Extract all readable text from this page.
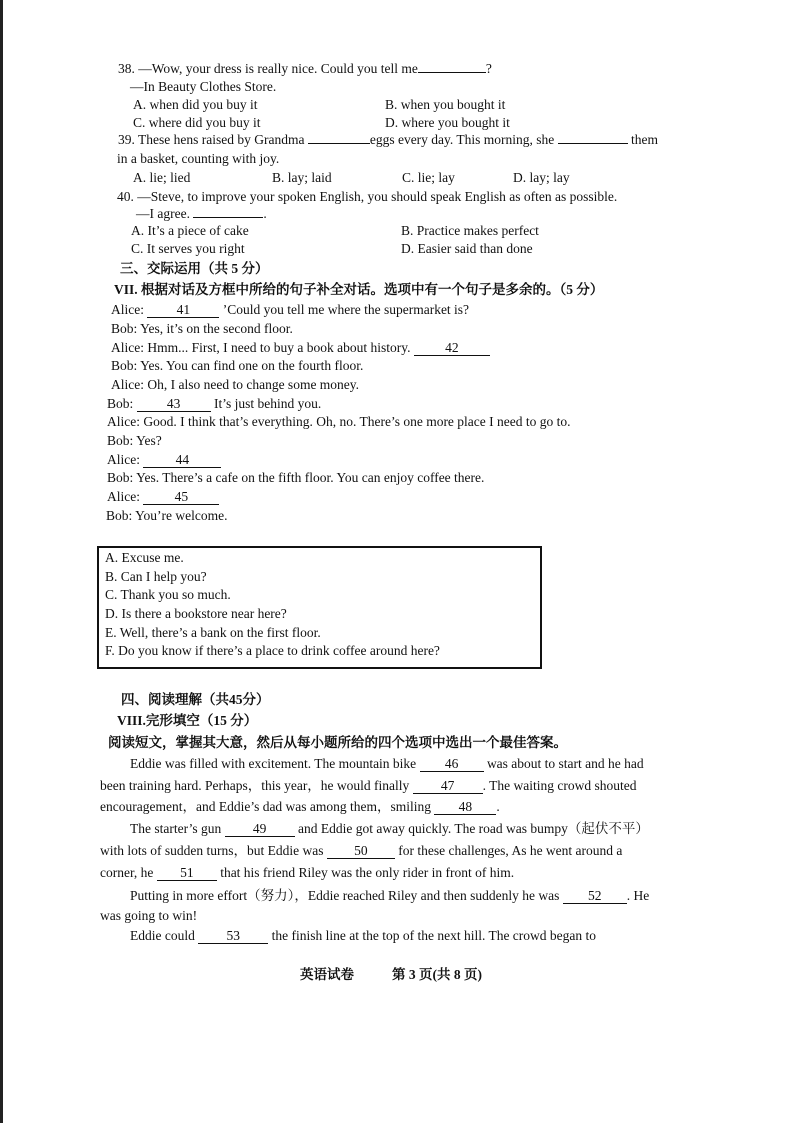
38. —Wow, your dress is really nice. Could you tell me	?
—In Beauty Clothes Store.
A. when did you buy it	B. when you bought it
C. where did you buy it	D. where you bought it
39. These hens raised by Grandma	eggs every day. This morning, she	them
in a basket, counting with joy.
A. lie; lied	B. lay; laid	C. lie; lay	D. lay; lay
40. —Steve, to improve your spoken English, you should speak English as often as possible.
—I agree.	.
A. It’s a piece of cake	B. Practice makes perfect
C. It serves you right	D. Easier said than done
三、交际运用（共 5 分）
VII. 根据对话及方框中所给的句子补全对话。选项中有一个句子是多余的。（5 分）
Alice: 41 ’Could you tell me where the supermarket is?
Bob: Yes, it’s on the second floor.
Alice: Hmm... First, I need to buy a book about history.	42
Bob: Yes. You can find one on the fourth floor.
Alice: Oh, I also need to change some money.
Bob: 43 It’s just behind you.
Alice: Good. I think that’s everything. Oh, no. There’s one more place I need to go to.
Bob: Yes?
Alice:	44
Bob: Yes. There’s a cafe on the fifth floor. You can enjoy coffee there.
Alice:	45
Bob: You’re welcome.
A. Excuse me.
B. Can I help you?
C. Thank you so much.
D. Is there a bookstore near here?
E. Well, there’s a bank on the first floor.
F. Do you know if there’s a place to drink coffee around here?
四、阅读理解（共45分）
VIII.完形填空（15 分）
阅读短文，掌握其大意，然后从每小题所给的四个选项中选出一个最佳答案。
Eddie was filled with excitement. The mountain bike 46 was about to start and he had
been training hard. Perhaps，this year，he would finally 47 . The waiting crowd shouted
encouragement，and Eddie’s dad was among them，smiling 48 .
The starter’s gun 49 and Eddie got away quickly. The road was bumpy（起伏不平）
with lots of sudden turns，but Eddie was 50 for these challenges, As he went around a
corner, he 51 that his friend Riley was the only rider in front of him.
Putting in more effort（努力），Eddie reached Riley and then suddenly he was 52 . He
was going to win!
Eddie could 53 the finish line at the top of the next hill. The crowd began to
英语试卷	第 3 页(共 8 页)
